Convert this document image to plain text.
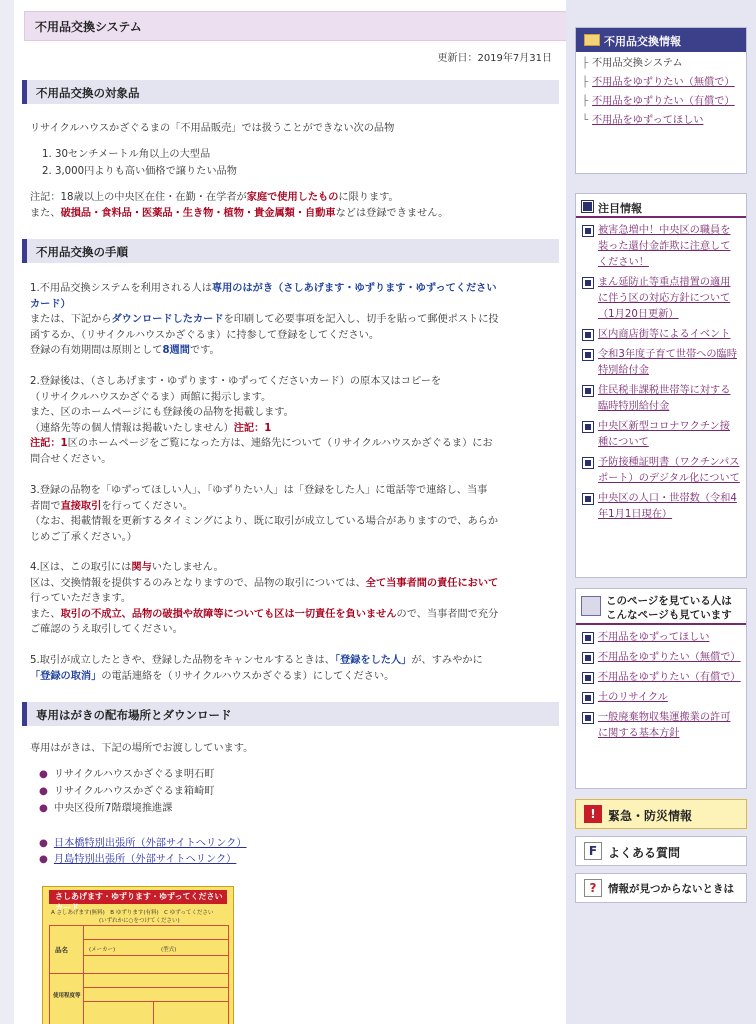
不用品交換システム
更新日：2019年7月31日
不用品交換の対象品
リサイクルハウスかざぐるまの「不用品販売」では扱うことができない次の品物
1. 30センチメートル角以上の大型品
2. 3,000円よりも高い価格で譲りたい品物
注記：18歳以上の中央区在住・在勤・在学者が家庭で使用したものに限ります。
また、破損品・食料品・医薬品・生き物・植物・貴金属類・自動車などは登録できません。
不用品交換の手順
1.不用品交換システムを利用される人は専用のはがき（さしあげます・ゆずります・ゆずってください
カード）
または、下記からダウンロードしたカードを印刷して必要事項を記入し、切手を貼って郵便ポストに投
函するか、（リサイクルハウスかざぐるま）に持参して登録をしてください。
登録の有効期間は原則として8週間です。
2.登録後は、（さしあげます・ゆずります・ゆずってくださいカード）の原本又はコピーを
（リサイクルハウスかざぐるま）両館に掲示します。
また、区のホームページにも登録後の品物を掲載します。
（連絡先等の個人情報は掲載いたしません）注記：1
注記：1区のホームページをご覧になった方は、連絡先について（リサイクルハウスかざぐるま）にお
問合せください。
3.登録の品物を「ゆずってほしい人」、「ゆずりたい人」は「登録をした人」に電話等で連絡し、当事
者間で直接取引を行ってください。
（なお、掲載情報を更新するタイミングにより、既に取引が成立している場合がありますので、あらか
じめご了承ください。）
4.区は、この取引には関与いたしません。
区は、交換情報を提供するのみとなりますので、品物の取引については、全て当事者間の責任において
行っていただきます。
また、取引の不成立、品物の破損や故障等についても区は一切責任を負いませんので、当事者間で充分
ご確認のうえ取引してください。
5.取引が成立したときや、登録した品物をキャンセルするときは、「登録をした人」が、すみやかに
「登録の取消」の電話連絡を（リサイクルハウスかざぐるま）にしてください。
専用はがきの配布場所とダウンロード
専用はがきは、下記の場所でお渡ししています。
● リサイクルハウスかざぐるま明石町
● リサイクルハウスかざぐるま箱崎町
● 中央区役所7階環境推進課
● 日本橋特別出張所（外部サイトへリンク）
● 月島特別出張所（外部サイトへリンク）
さしあげます・ゆずります・ゆずってくださいカード
A さしあげます(無料)　B ゆずります(有料)　C ゆずってください
(いずれかに○をつけてください)
品名	(メーカー)	(型式)
使用程度等
不用品交換情報
├ 不用品交換システム
├ 不用品をゆずりたい（無償で）
├ 不用品をゆずりたい（有償で）
└ 不用品をゆずってほしい
注目情報
被害急増中！中央区の職員を装った還付金詐欺に注意してください！
まん延防止等重点措置の適用に伴う区の対応方針について（1月20日更新）
区内商店街等によるイベント
令和3年度子育て世帯への臨時特別給付金
住民税非課税世帯等に対する臨時特別給付金
中央区新型コロナワクチン接種について
予防接種証明書（ワクチンパスポート）のデジタル化について
中央区の人口・世帯数（令和4年1月1日現在）
このページを見ている人は
こんなページも見ています
不用品をゆずってほしい
不用品をゆずりたい（無償で）
不用品をゆずりたい（有償で）
土のリサイクル
一般廃棄物収集運搬業の許可に関する基本方針
!	緊急・防災情報
F よくある質問
?	情報が見つからないときは
